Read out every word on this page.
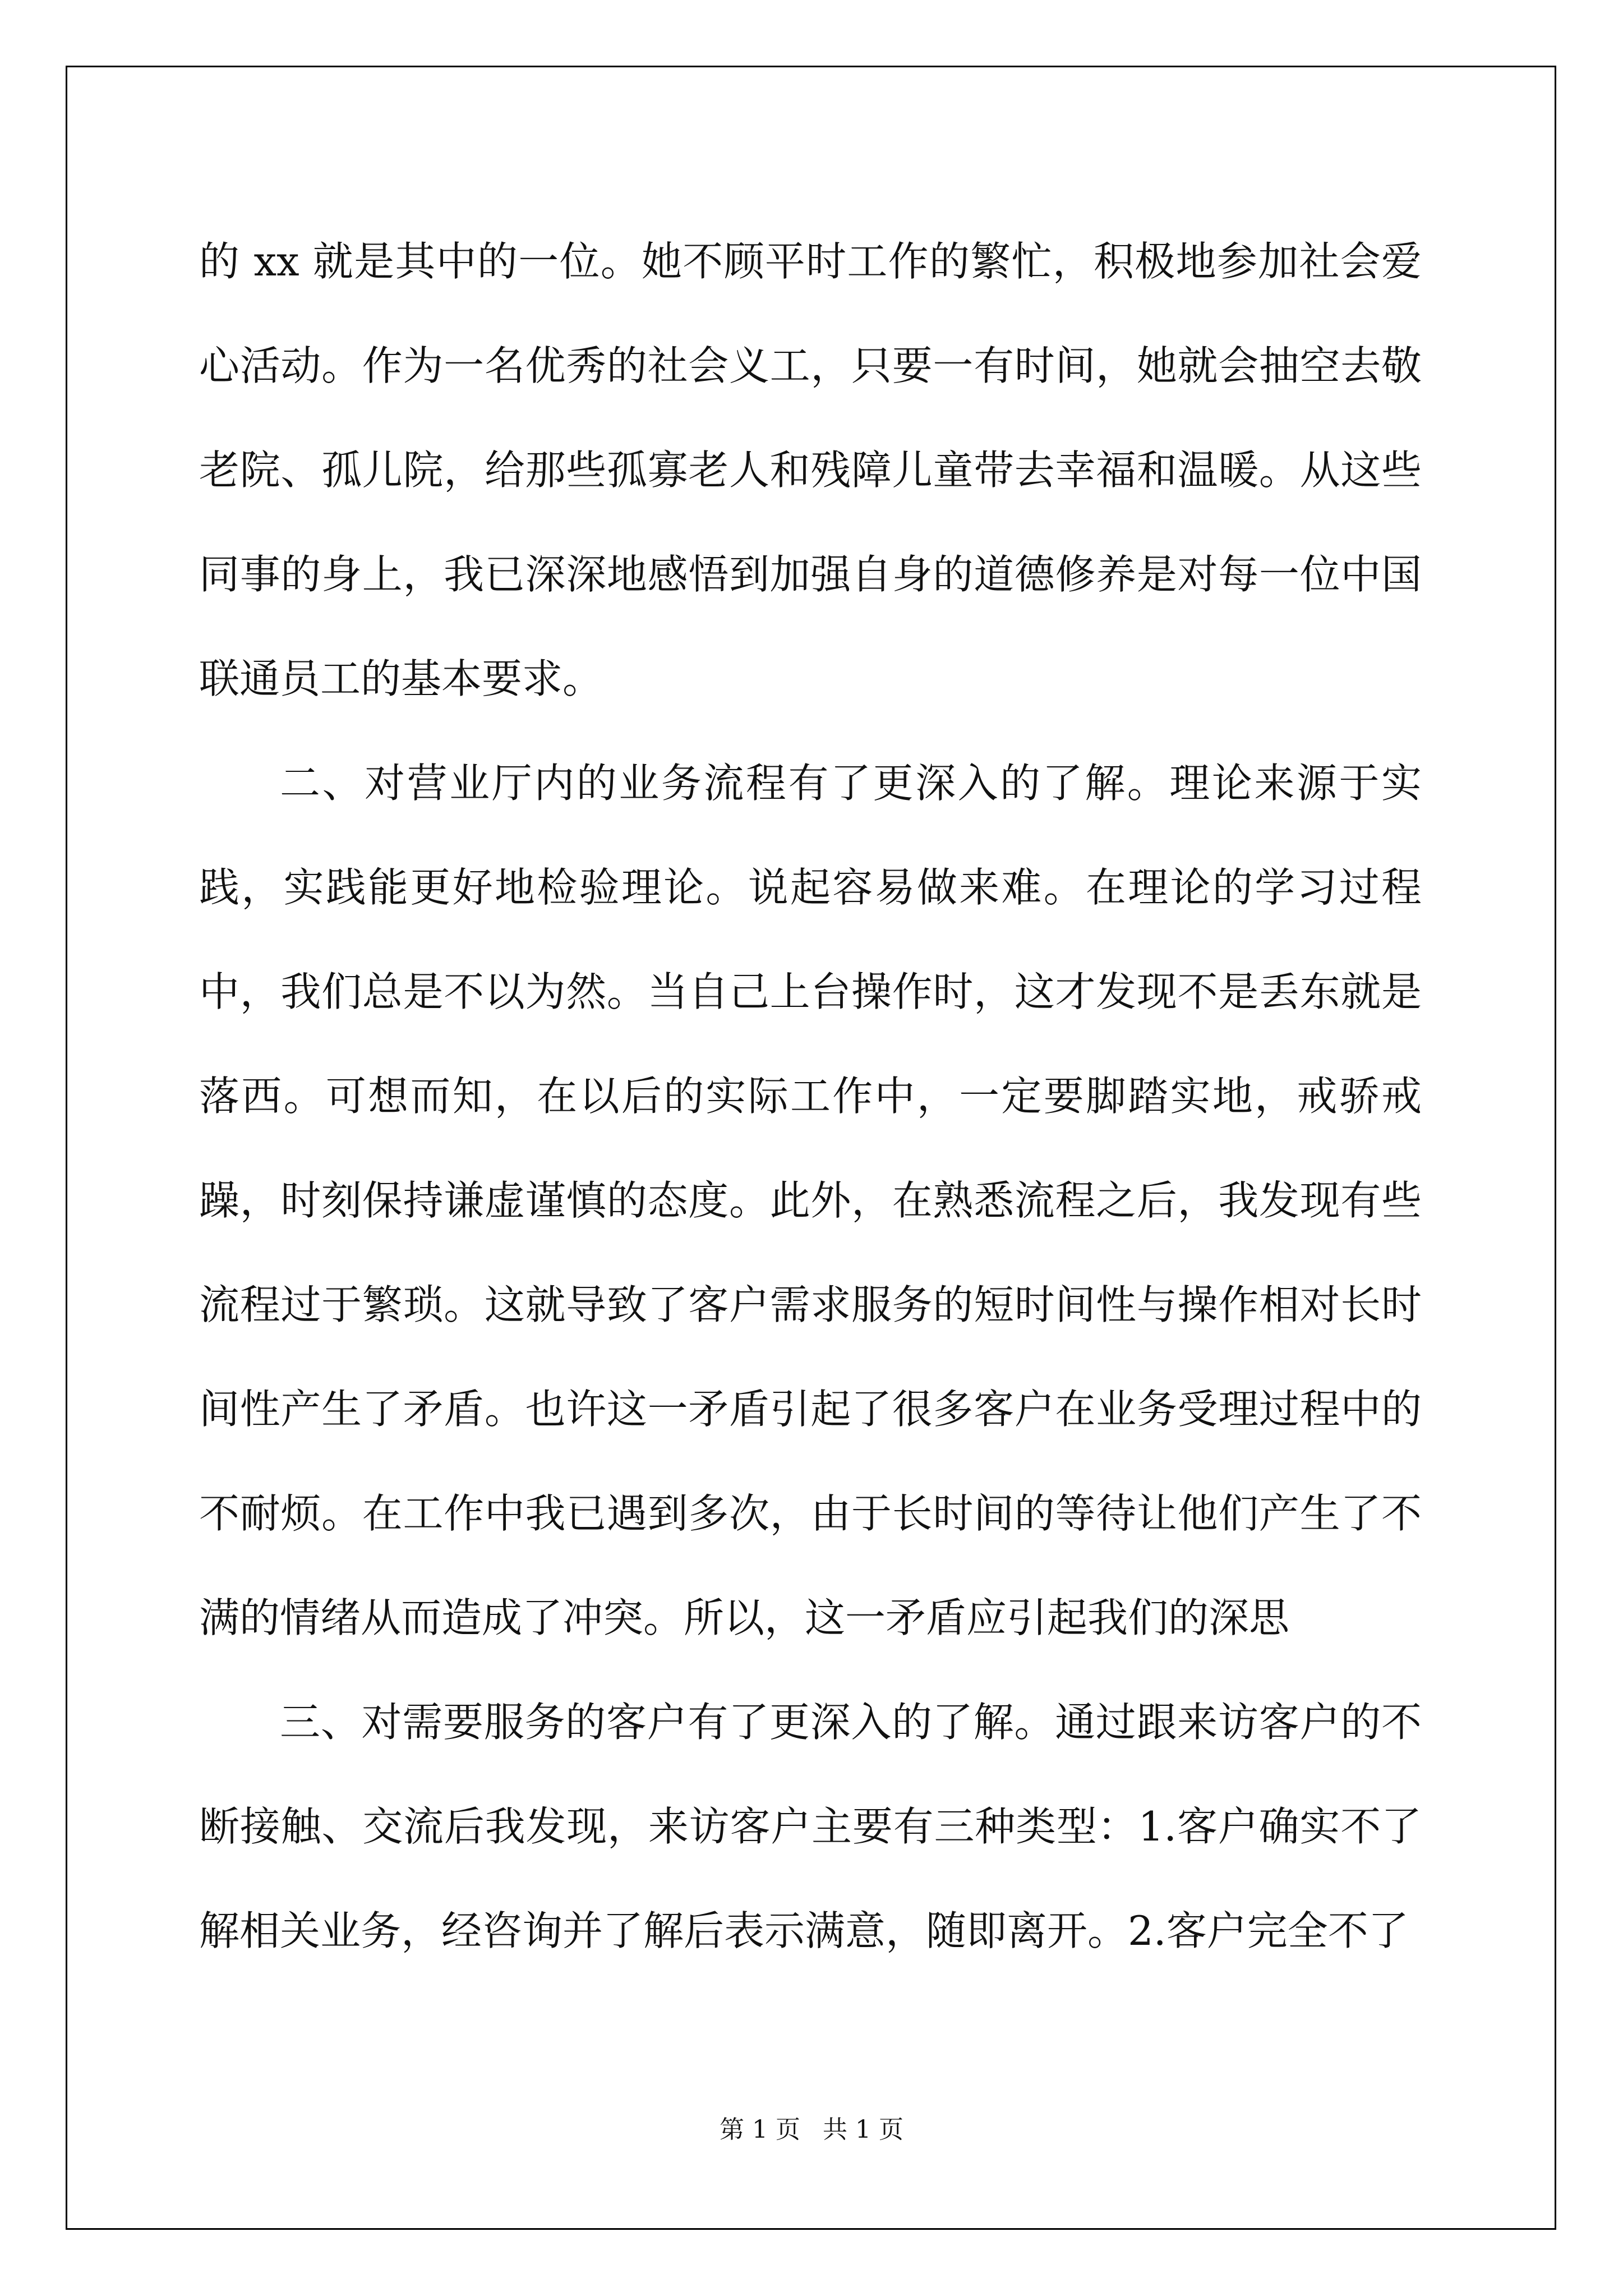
的 xx 就是其中的一位。她不顾平时工作的繁忙，积极地参加社会爱心活动。作为一名优秀的社会义工，只要一有时间，她就会抽空去敬老院、孤儿院，给那些孤寡老人和残障儿童带去幸福和温暖。从这些同事的身上，我已深深地感悟到加强自身的道德修养是对每一位中国联通员工的基本要求。

二、对营业厅内的业务流程有了更深入的了解。理论来源于实践，实践能更好地检验理论。说起容易做来难。在理论的学习过程中，我们总是不以为然。当自己上台操作时，这才发现不是丢东就是落西。可想而知，在以后的实际工作中，一定要脚踏实地，戒骄戒躁，时刻保持谦虚谨慎的态度。此外，在熟悉流程之后，我发现有些流程过于繁琐。这就导致了客户需求服务的短时间性与操作相对长时间性产生了矛盾。也许这一矛盾引起了很多客户在业务受理过程中的不耐烦。在工作中我已遇到多次，由于长时间的等待让他们产生了不满的情绪从而造成了冲突。所以，这一矛盾应引起我们的深思

三、对需要服务的客户有了更深入的了解。通过跟来访客户的不断接触、交流后我发现，来访客户主要有三种类型：1.客户确实不了解相关业务，经咨询并了解后表示满意，随即离开。2.客户完全不了

第 1 页 共 1 页
